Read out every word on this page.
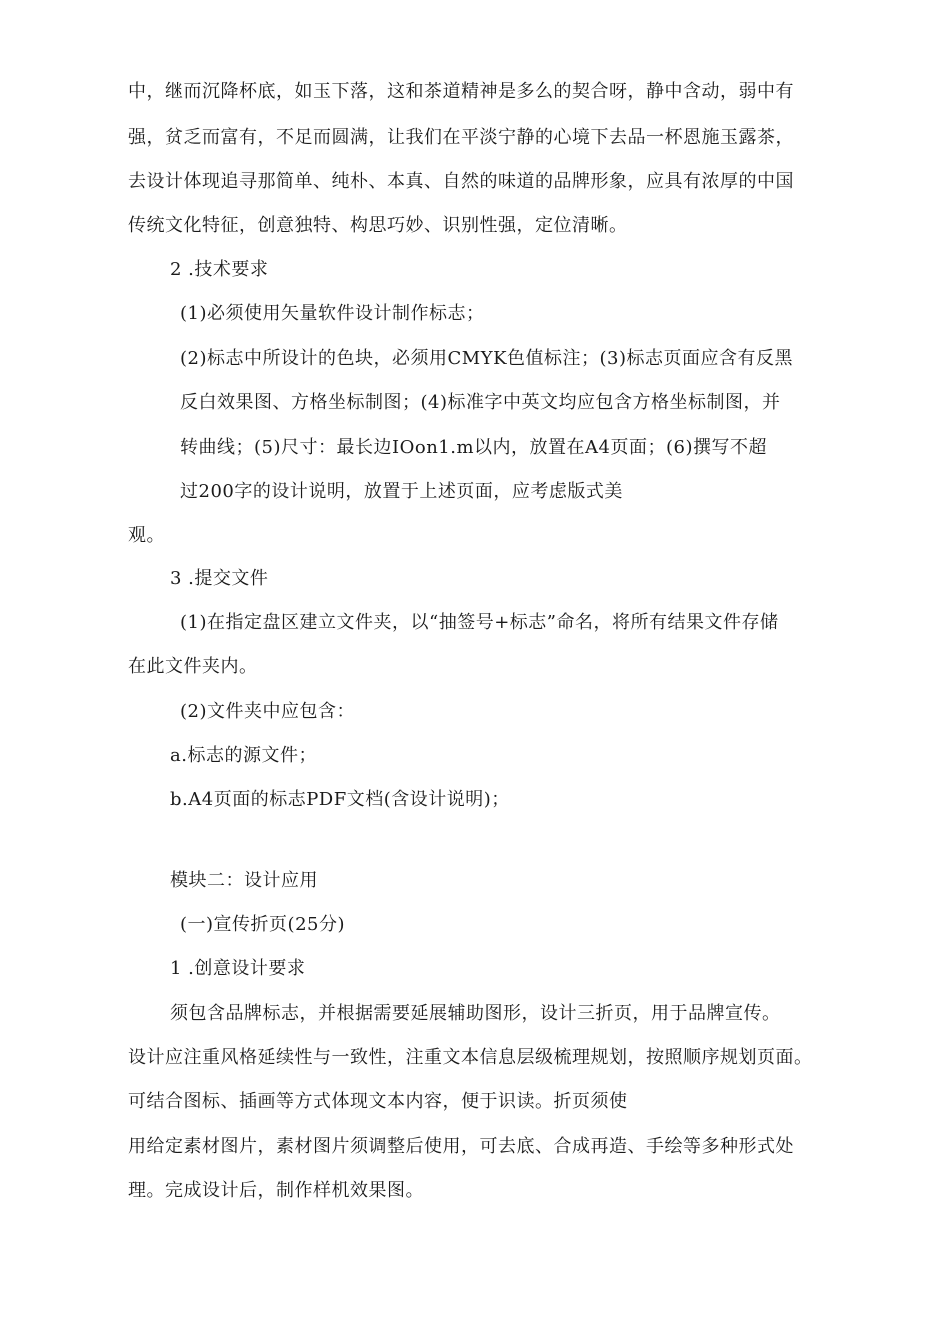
中，继而沉降杯底，如玉下落，这和茶道精神是多么的契合呀，静中含动，弱中有
强，贫乏而富有，不足而圆满，让我们在平淡宁静的心境下去品一杯恩施玉露茶，
去设计体现追寻那简单、纯朴、本真、自然的味道的品牌形象，应具有浓厚的中国
传统文化特征，创意独特、构思巧妙、识别性强，定位清晰。
2 .技术要求
(1)必须使用矢量软件设计制作标志；
(2)标志中所设计的色块，必须用CMYK色值标注；(3)标志页面应含有反黑
反白效果图、方格坐标制图；(4)标准字中英文均应包含方格坐标制图，并
转曲线；(5)尺寸：最长边IOon1.m以内，放置在A4页面；(6)撰写不超
过200字的设计说明，放置于上述页面，应考虑版式美
观。
3 .提交文件
(1)在指定盘区建立文件夹，以“抽签号+标志”命名，将所有结果文件存储
在此文件夹内。
(2)文件夹中应包含：
a.标志的源文件；
b.A4页面的标志PDF文档(含设计说明)；
模块二：设计应用
(一)宣传折页(25分)
1 .创意设计要求
须包含品牌标志，并根据需要延展辅助图形，设计三折页，用于品牌宣传。
设计应注重风格延续性与一致性，注重文本信息层级梳理规划，按照顺序规划页面。
可结合图标、插画等方式体现文本内容，便于识读。折页须使
用给定素材图片，素材图片须调整后使用，可去底、合成再造、手绘等多种形式处
理。完成设计后，制作样机效果图。
